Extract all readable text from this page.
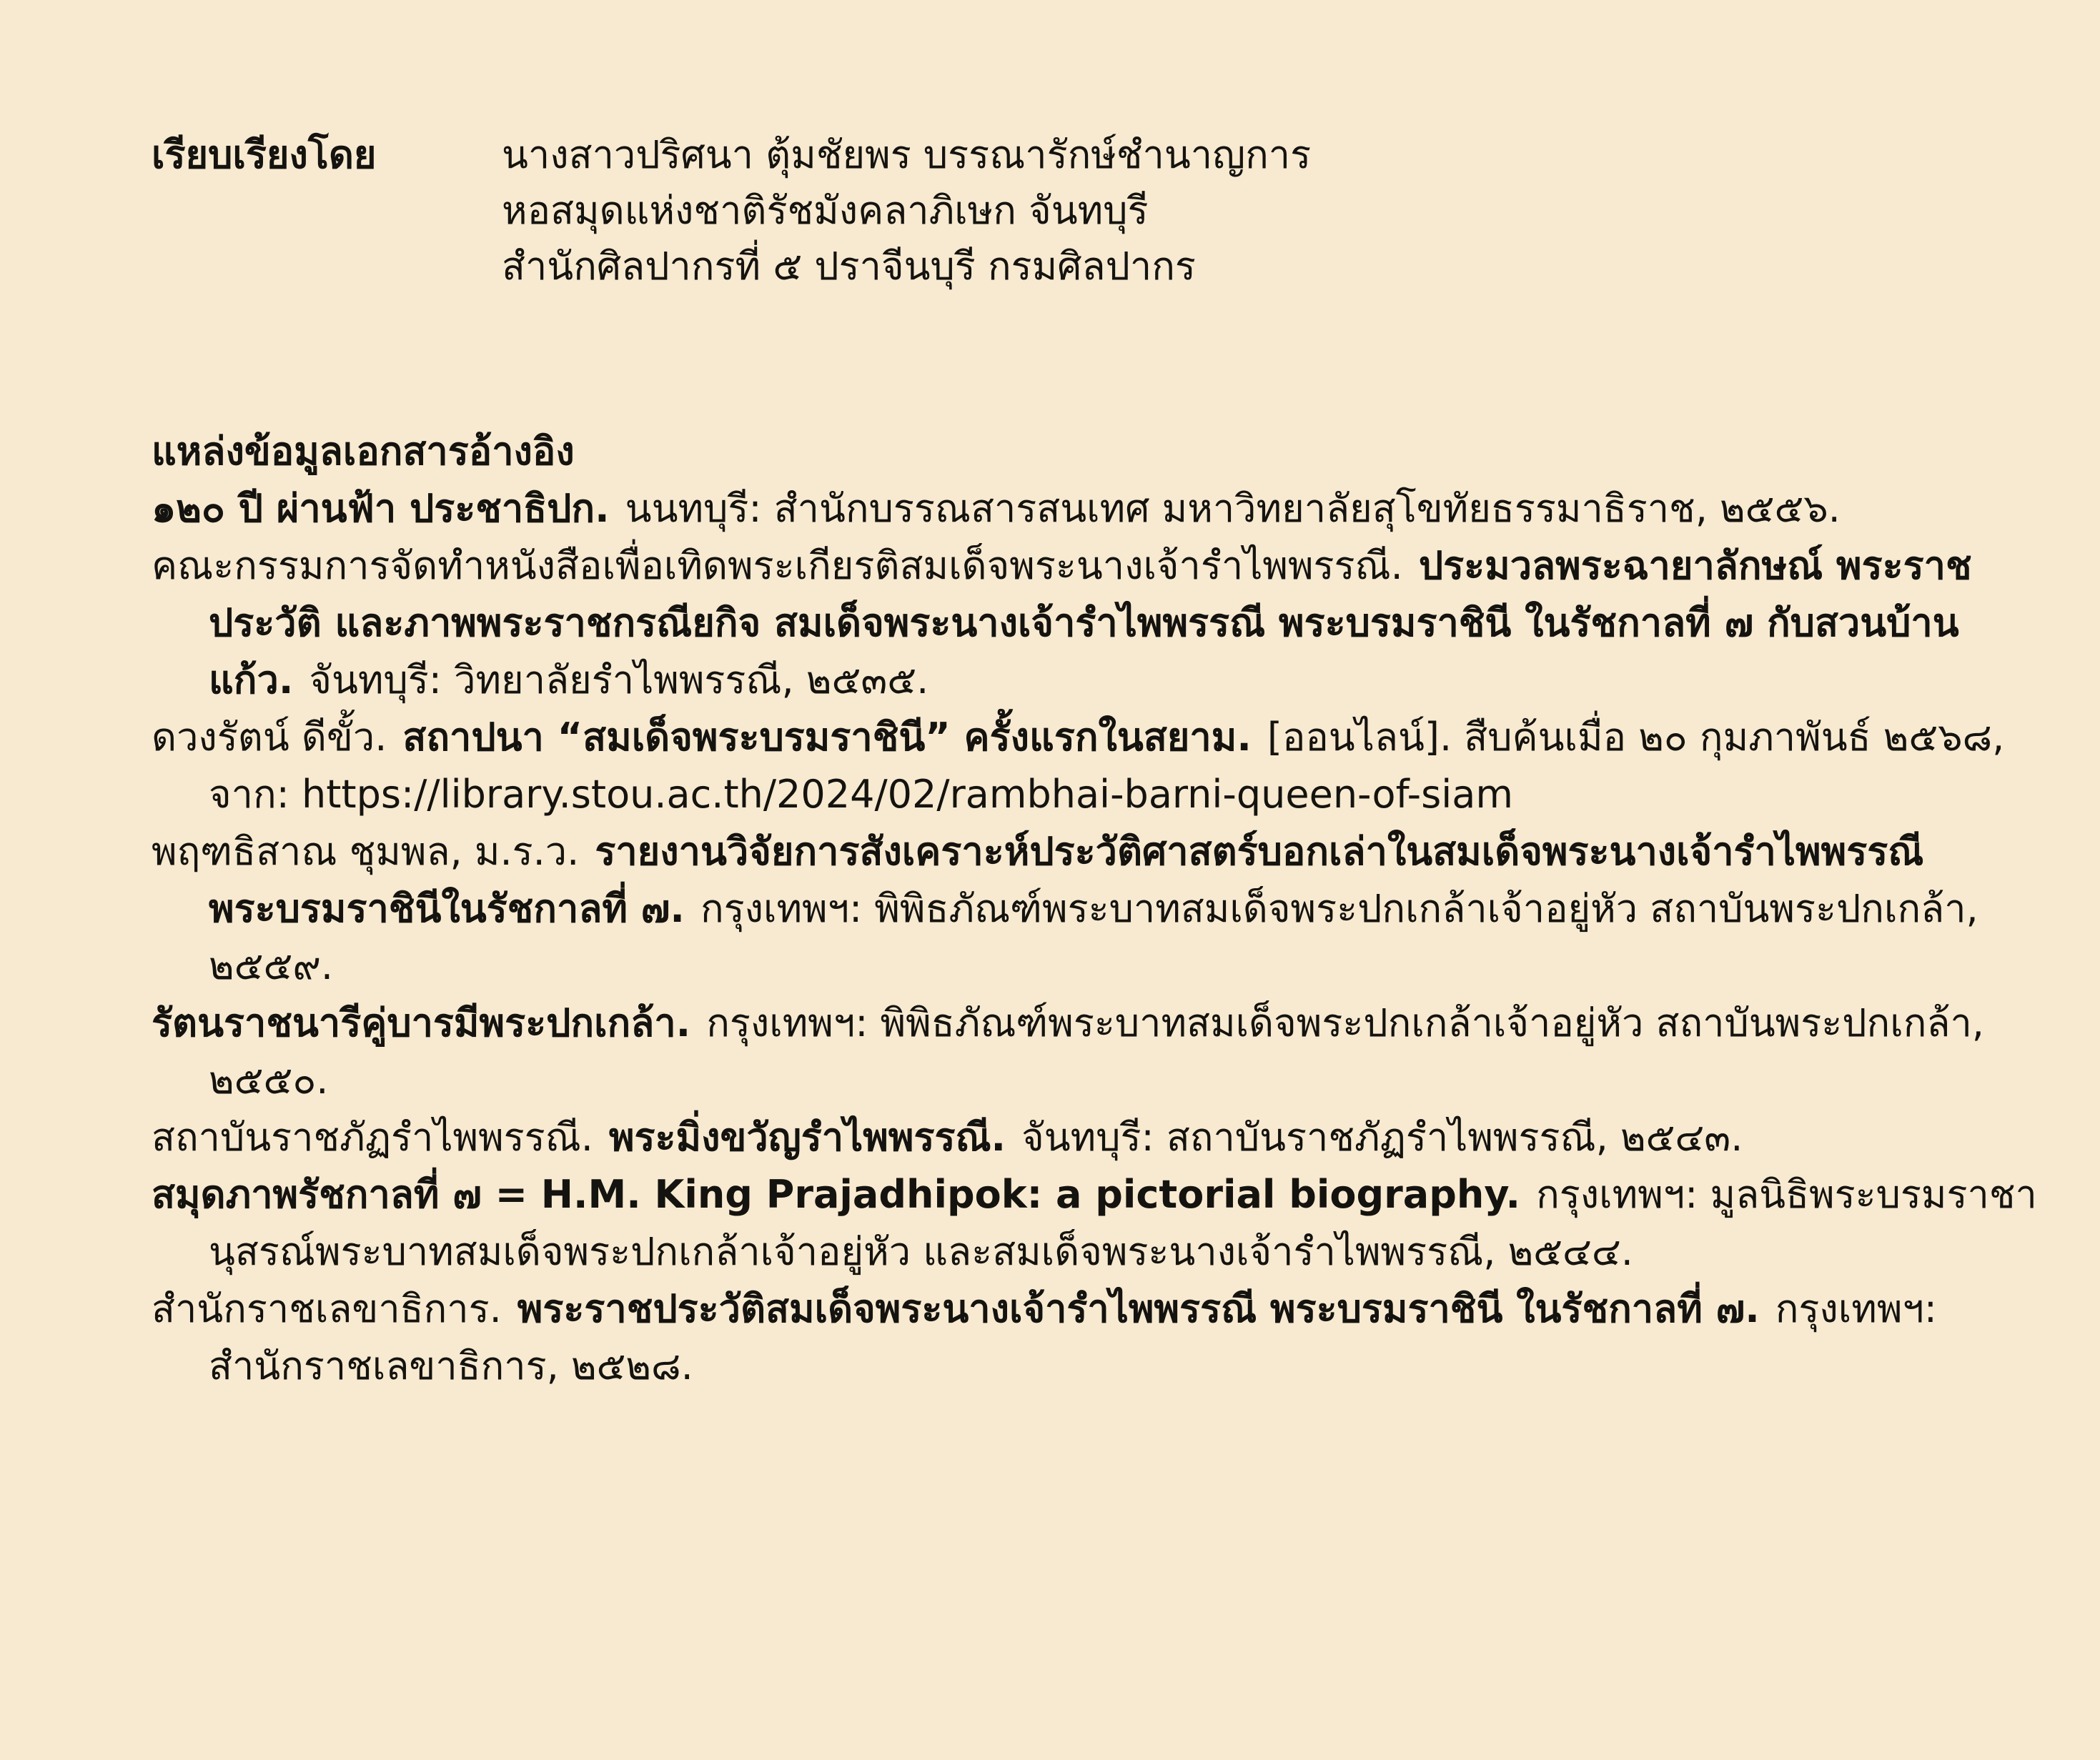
เรียบเรียงโดย	นางสาวปริศนา ตุ้มชัยพร บรรณารักษ์ชำนาญการ
หอสมุดแห่งชาติรัชมังคลาภิเษก จันทบุรี
สำนักศิลปากรที่ ๕ ปราจีนบุรี กรมศิลปากร
แหล่งข้อมูลเอกสารอ้างอิง

๑๒๐ ปี ผ่านฟ้า ประชาธิปก. นนทบุรี: สำนักบรรณสารสนเทศ มหาวิทยาลัยสุโขทัยธรรมาธิราช, ๒๕๕๖.

คณะกรรมการจัดทำหนังสือเพื่อเทิดพระเกียรติสมเด็จพระนางเจ้ารำไพพรรณี. ประมวลพระฉายาลักษณ์ พระราชประวัติ และภาพพระราชกรณียกิจ สมเด็จพระนางเจ้ารำไพพรรณี พระบรมราชินี ในรัชกาลที่ ๗ กับสวนบ้านแก้ว. จันทบุรี: วิทยาลัยรำไพพรรณี, ๒๕๓๕.

ดวงรัตน์ ดีขั้ว. สถาปนา “สมเด็จพระบรมราชินี” ครั้งแรกในสยาม. [ออนไลน์]. สืบค้นเมื่อ ๒๐ กุมภาพันธ์ ๒๕๖๘, จาก: https://library.stou.ac.th/2024/02/rambhai-barni-queen-of-siam

พฤฑธิสาณ ชุมพล, ม.ร.ว. รายงานวิจัยการสังเคราะห์ประวัติศาสตร์บอกเล่าในสมเด็จพระนางเจ้ารำไพพรรณี พระบรมราชินีในรัชกาลที่ ๗. กรุงเทพฯ: พิพิธภัณฑ์พระบาทสมเด็จพระปกเกล้าเจ้าอยู่หัว สถาบันพระปกเกล้า, ๒๕๕๙.

รัตนราชนารีคู่บารมีพระปกเกล้า. กรุงเทพฯ: พิพิธภัณฑ์พระบาทสมเด็จพระปกเกล้าเจ้าอยู่หัว สถาบันพระปกเกล้า, ๒๕๕๐.

สถาบันราชภัฏรำไพพรรณี. พระมิ่งขวัญรำไพพรรณี. จันทบุรี: สถาบันราชภัฏรำไพพรรณี, ๒๕๔๓.

สมุดภาพรัชกาลที่ ๗ = H.M. King Prajadhipok: a pictorial biography. กรุงเทพฯ: มูลนิธิพระบรมราชานุสรณ์พระบาทสมเด็จพระปกเกล้าเจ้าอยู่หัว และสมเด็จพระนางเจ้ารำไพพรรณี, ๒๕๔๔.

สำนักราชเลขาธิการ. พระราชประวัติสมเด็จพระนางเจ้ารำไพพรรณี พระบรมราชินี ในรัชกาลที่ ๗. กรุงเทพฯ: สำนักราชเลขาธิการ, ๒๕๒๘.
